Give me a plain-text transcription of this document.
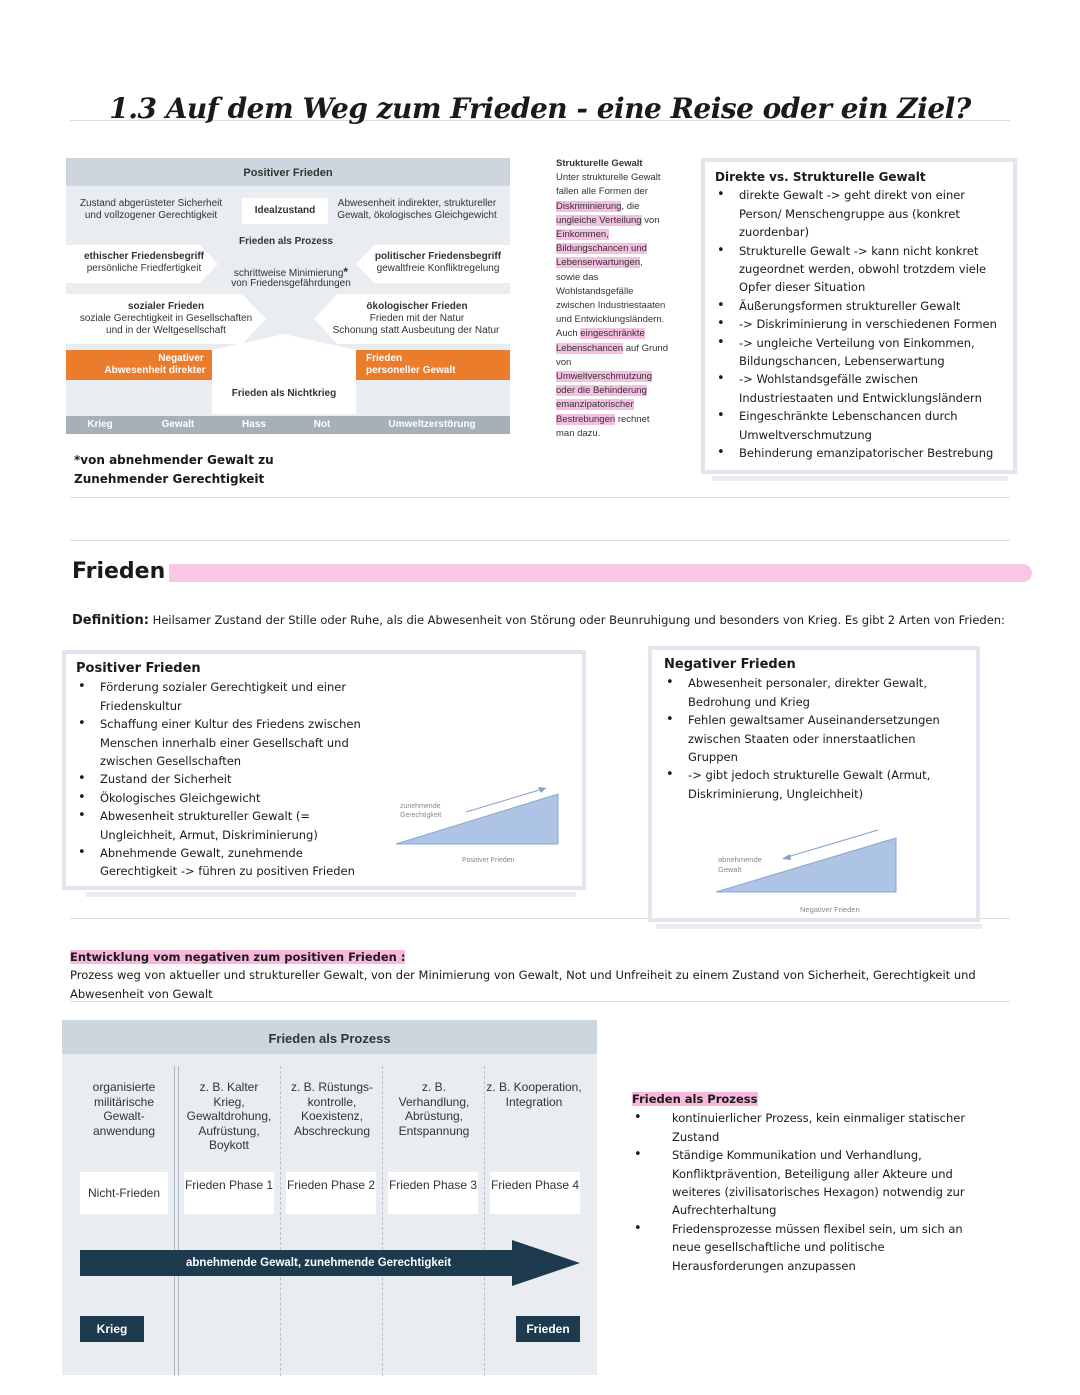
1.3 Auf dem Weg zum Frieden - eine Reise oder ein Ziel?
Positiver Frieden
Zustand abgerüsteter Sicherheit und vollzogener Gerechtigkeit	Idealzustand
Abwesenheit indirekter, struktureller Gewalt, ökologisches Gleichgewicht
Frieden als Prozess
ethischer Friedensbegriff
persönliche Friedfertigkeit	schrittweise Minimierung*
von Friedensgefährdungen
politischer Friedensbegriff
gewaltfreie Konfliktregelung
sozialer Frieden
soziale Gerechtigkeit in Gesellschaften und in der Weltgesellschaft
ökologischer Frieden
Frieden mit der Natur
Schonung statt Ausbeutung der Natur
Negativer
Abwesenheit direkter
Frieden
personeller Gewalt
Frieden als Nichtkrieg
Krieg	Gewalt	Hass	Not	Umweltzerstörung
*von abnehmender Gewalt zu Zunehmender Gerechtigkeit
Strukturelle Gewalt
Unter strukturelle Gewalt fallen alle Formen der Diskriminierung, die ungleiche Verteilung von Einkommen, Bildungschancen und Lebenserwartungen, sowie das Wohlstandsgefälle zwischen Industriestaaten und Entwicklungsländern. Auch eingeschränkte Lebenschancen auf Grund von Umweltverschmutzung oder die Behinderung emanzipatorischer Bestrebungen rechnet man dazu.
Direkte vs. Strukturelle Gewalt
• direkte Gewalt -> geht direkt von einer Person/ Menschengruppe aus (konkret zuordenbar)
• Strukturelle Gewalt -> kann nicht konkret zugeordnet werden, obwohl trotzdem viele Opfer dieser Situation
• Äußerungsformen struktureller Gewalt
• -> Diskriminierung in verschiedenen Formen
• -> ungleiche Verteilung von Einkommen, Bildungschancen, Lebenserwartung
• -> Wohlstandsgefälle zwischen Industriestaaten und Entwicklungsländern
• Eingeschränkte Lebenschancen durch Umweltverschmutzung
• Behinderung emanzipatorischer Bestrebung
Frieden
Definition: Heilsamer Zustand der Stille oder Ruhe, als die Abwesenheit von Störung oder Beunruhigung und besonders von Krieg. Es gibt 2 Arten von Frieden:
Positiver Frieden
• Förderung sozialer Gerechtigkeit und einer Friedenskultur
• Schaffung einer Kultur des Friedens zwischen Menschen innerhalb einer Gesellschaft und zwischen Gesellschaften
• Zustand der Sicherheit
• Ökologisches Gleichgewicht
• Abwesenheit struktureller Gewalt (= Ungleichheit, Armut, Diskriminierung)
• Abnehmende Gewalt, zunehmende Gerechtigkeit -> führen zu positiven Frieden
zunehmende
Gerechtigkeit
Positiver Frieden
Negativer Frieden
• Abwesenheit personaler, direkter Gewalt, Bedrohung und Krieg
• Fehlen gewaltsamer Auseinandersetzungen zwischen Staaten oder innerstaatlichen Gruppen
• -> gibt jedoch strukturelle Gewalt (Armut, Diskriminierung, Ungleichheit)
abnehmende
Gewalt
Negativer Frieden
Entwicklung vom negativen zum positiven Frieden :
Prozess weg von aktueller und struktureller Gewalt, von der Minimierung von Gewalt, Not und Unfreiheit zu einem Zustand von Sicherheit, Gerechtigkeit und Abwesenheit von Gewalt
Frieden als Prozess
organisierte militärische Gewalt-anwendung
z. B. Kalter Krieg, Gewaltdrohung, Aufrüstung, Boykott
z. B. Rüstungs-kontrolle, Koexistenz, Abschreckung
z. B. Verhandlung, Abrüstung, Entspannung
z. B. Kooperation, Integration
Nicht-Frieden
Frieden Phase 1 Frieden Phase 2 Frieden Phase 3 Frieden Phase 4
abnehmende Gewalt, zunehmende Gerechtigkeit
Krieg	Frieden
Frieden als Prozess
• kontinuierlicher Prozess, kein einmaliger statischer Zustand
• Ständige Kommunikation und Verhandlung, Konfliktprävention, Beteiligung aller Akteure und weiteres (zivilisatorisches Hexagon) notwendig zur Aufrechterhaltung
• Friedensprozesse müssen flexibel sein, um sich an neue gesellschaftliche und politische Herausforderungen anzupassen
